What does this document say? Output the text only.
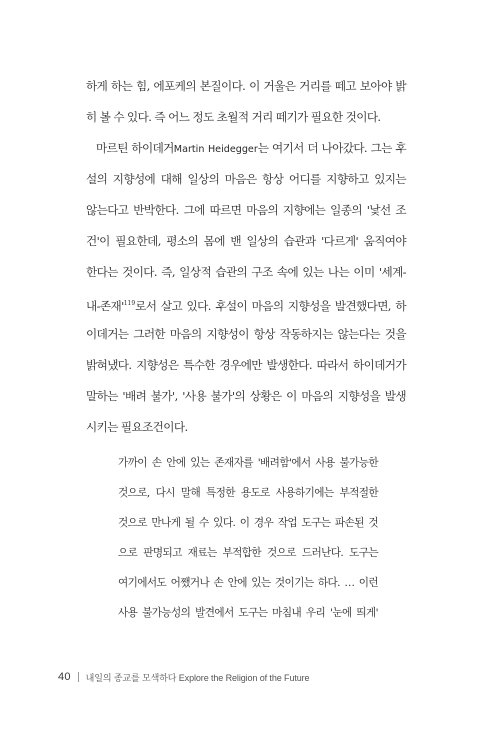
하게 하는 힘, 에포케의 본질이다. 이 거울은 거리를 떼고 보아야 밝
히 볼 수 있다. 즉 어느 정도 초월적 거리 떼기가 필요한 것이다.
마르틴 하이데거Martin Heidegger는 여기서 더 나아갔다. 그는 후
설의 지향성에 대해 일상의 마음은 항상 어디를 지향하고 있지는
않는다고 반박한다. 그에 따르면 마음의 지향에는 일종의 '낯선 조
건'이 필요한데, 평소의 몸에 밴 일상의 습관과 '다르게' 움직여야
한다는 것이다. 즉, 일상적 습관의 구조 속에 있는 나는 이미 '세계-
내-존재'$^{119}$로서 살고 있다. 후설이 마음의 지향성을 발견했다면, 하
이데거는 그러한 마음의 지향성이 항상 작동하지는 않는다는 것을
밝혀냈다. 지향성은 특수한 경우에만 발생한다. 따라서 하이데거가
말하는 '배려 불가', '사용 불가'의 상황은 이 마음의 지향성을 발생
시키는 필요조건이다.
가까이 손 안에 있는 존재자를 '배려함'에서 사용 불가능한
것으로, 다시 말해 특정한 용도로 사용하기에는 부적절한
것으로 만나게 될 수 있다. 이 경우 작업 도구는 파손된 것
으로 판명되고 재료는 부적합한 것으로 드러난다. 도구는
여기에서도 어쨌거나 손 안에 있는 것이기는 하다. … 이런
사용 불가능성의 발견에서 도구는 마침내 우리 '눈에 띄게'
40 내일의 종교를 모색하다 Explore the Religion of the Future
